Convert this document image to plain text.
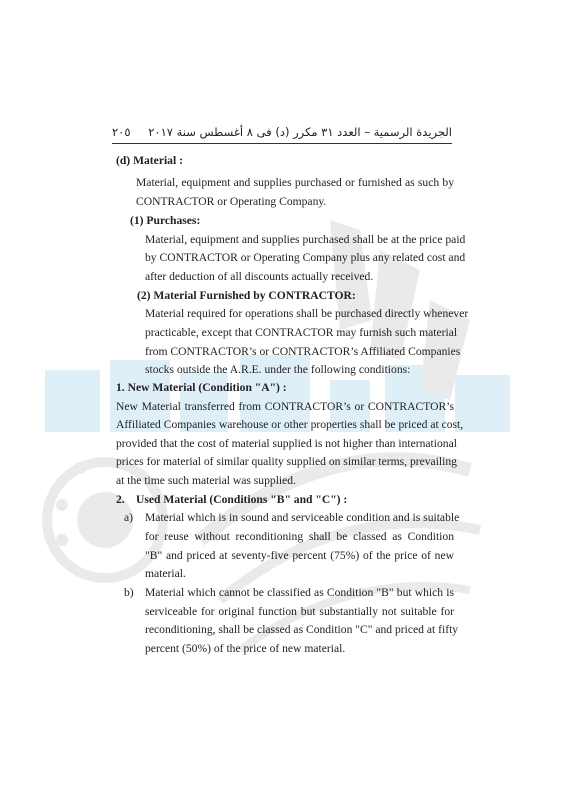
الجريدة الرسمية – العدد ٣١ مكرر (د) فى ٨ أغسطس سنة ٢٠١٧
٢٠٥
(d) Material :
Material, equipment and supplies purchased or furnished as such by
CONTRACTOR or Operating Company.
(1) Purchases:
Material, equipment and supplies purchased shall be at the price paid
by CONTRACTOR or Operating Company plus any related cost and
after deduction of all discounts actually received.
(2) Material Furnished by CONTRACTOR:
Material required for operations shall be purchased directly whenever
practicable, except that CONTRACTOR may furnish such material
from CONTRACTOR’s or CONTRACTOR’s Affiliated Companies
stocks outside the A.R.E. under the following conditions:
1. New Material (Condition "A") :
New Material transferred from CONTRACTOR’s or CONTRACTOR’s
Affiliated Companies warehouse or other properties shall be priced at cost,
provided that the cost of material supplied is not higher than international
prices for material of similar quality supplied on similar terms, prevailing
at the time such material was supplied.
2. Used Material (Conditions "B" and "C") :
a) Material which is in sound and serviceable condition and is suitable
for reuse without reconditioning shall be classed as Condition
"B" and priced at seventy-five percent (75%) of the price of new
material.
b) Material which cannot be classified as Condition "B" but which is
serviceable for original function but substantially not suitable for
reconditioning, shall be classed as Condition "C" and priced at fifty
percent (50%) of the price of new material.
